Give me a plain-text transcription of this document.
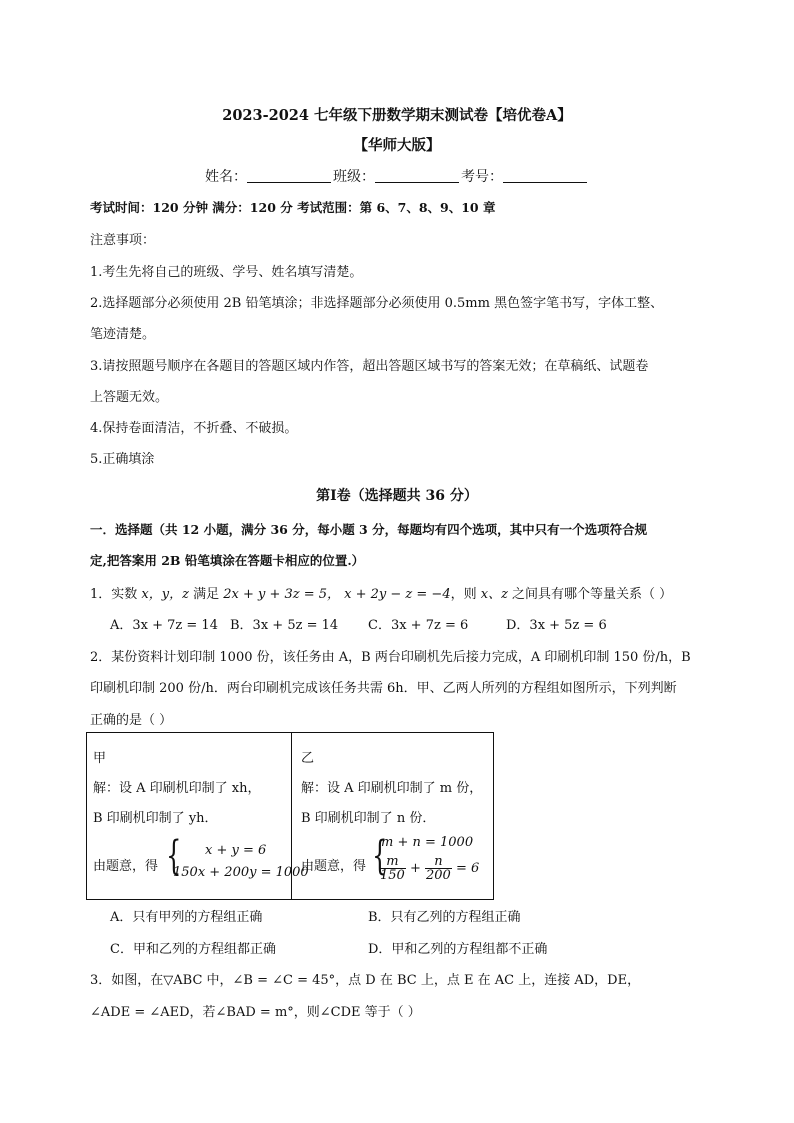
2023-2024 七年级下册数学期末测试卷【培优卷A】
【华师大版】
姓名：	班级：	考号：
考试时间：120 分钟 满分：120 分 考试范围：第 6、7、8、9、10 章
注意事项：
1.考生先将自己的班级、学号、姓名填写清楚。
2.选择题部分必须使用 2B 铅笔填涂；非选择题部分必须使用 0.5mm 黑色签字笔书写，字体工整、
笔迹清楚。
3.请按照题号顺序在各题目的答题区域内作答，超出答题区域书写的答案无效；在草稿纸、试题卷
上答题无效。
4.保持卷面清洁，不折叠、不破损。
5.正确填涂
第Ⅰ卷（选择题共 36 分）
一．选择题（共 12 小题，满分 36 分，每小题 3 分，每题均有四个选项，其中只有一个选项符合规
定,把答案用 2B 铅笔填涂在答题卡相应的位置.）
1．实数 x，y，z 满足 2x + y + 3z = 5， x + 2y − z = −4，则 x、z 之间具有哪个等量关系（ ）
A．3x + 7z = 14 B．3x + 5z = 14 C．3x + 7z = 6	D．3x + 5z = 6
2．某份资料计划印制 1000 份，该任务由 A，B 两台印刷机先后接力完成，A 印刷机印制 150 份/h，B
印刷机印制 200 份/h．两台印刷机完成该任务共需 6h．甲、乙两人所列的方程组如图所示，下列判断
正确的是（ ）
甲
解：设 A 印刷机印制了 xh，
B 印刷机印制了 yh．
由题意，得 { x + y = 6
150x + 200y = 1000
乙
解：设 A 印刷机印制了 m 份，
B 印刷机印制了 n 份．
由题意，得 {
m + n = 1000
$\frac{m}{150} + \frac{n}{200} = 6$
A．只有甲列的方程组正确	B．只有乙列的方程组正确
C．甲和乙列的方程组都正确	D．甲和乙列的方程组都不正确
3．如图，在▽ABC 中，∠B = ∠C = 45°，点 D 在 BC 上，点 E 在 AC 上，连接 AD，DE，
∠ADE = ∠AED，若∠BAD = m°，则∠CDE 等于（ ）
